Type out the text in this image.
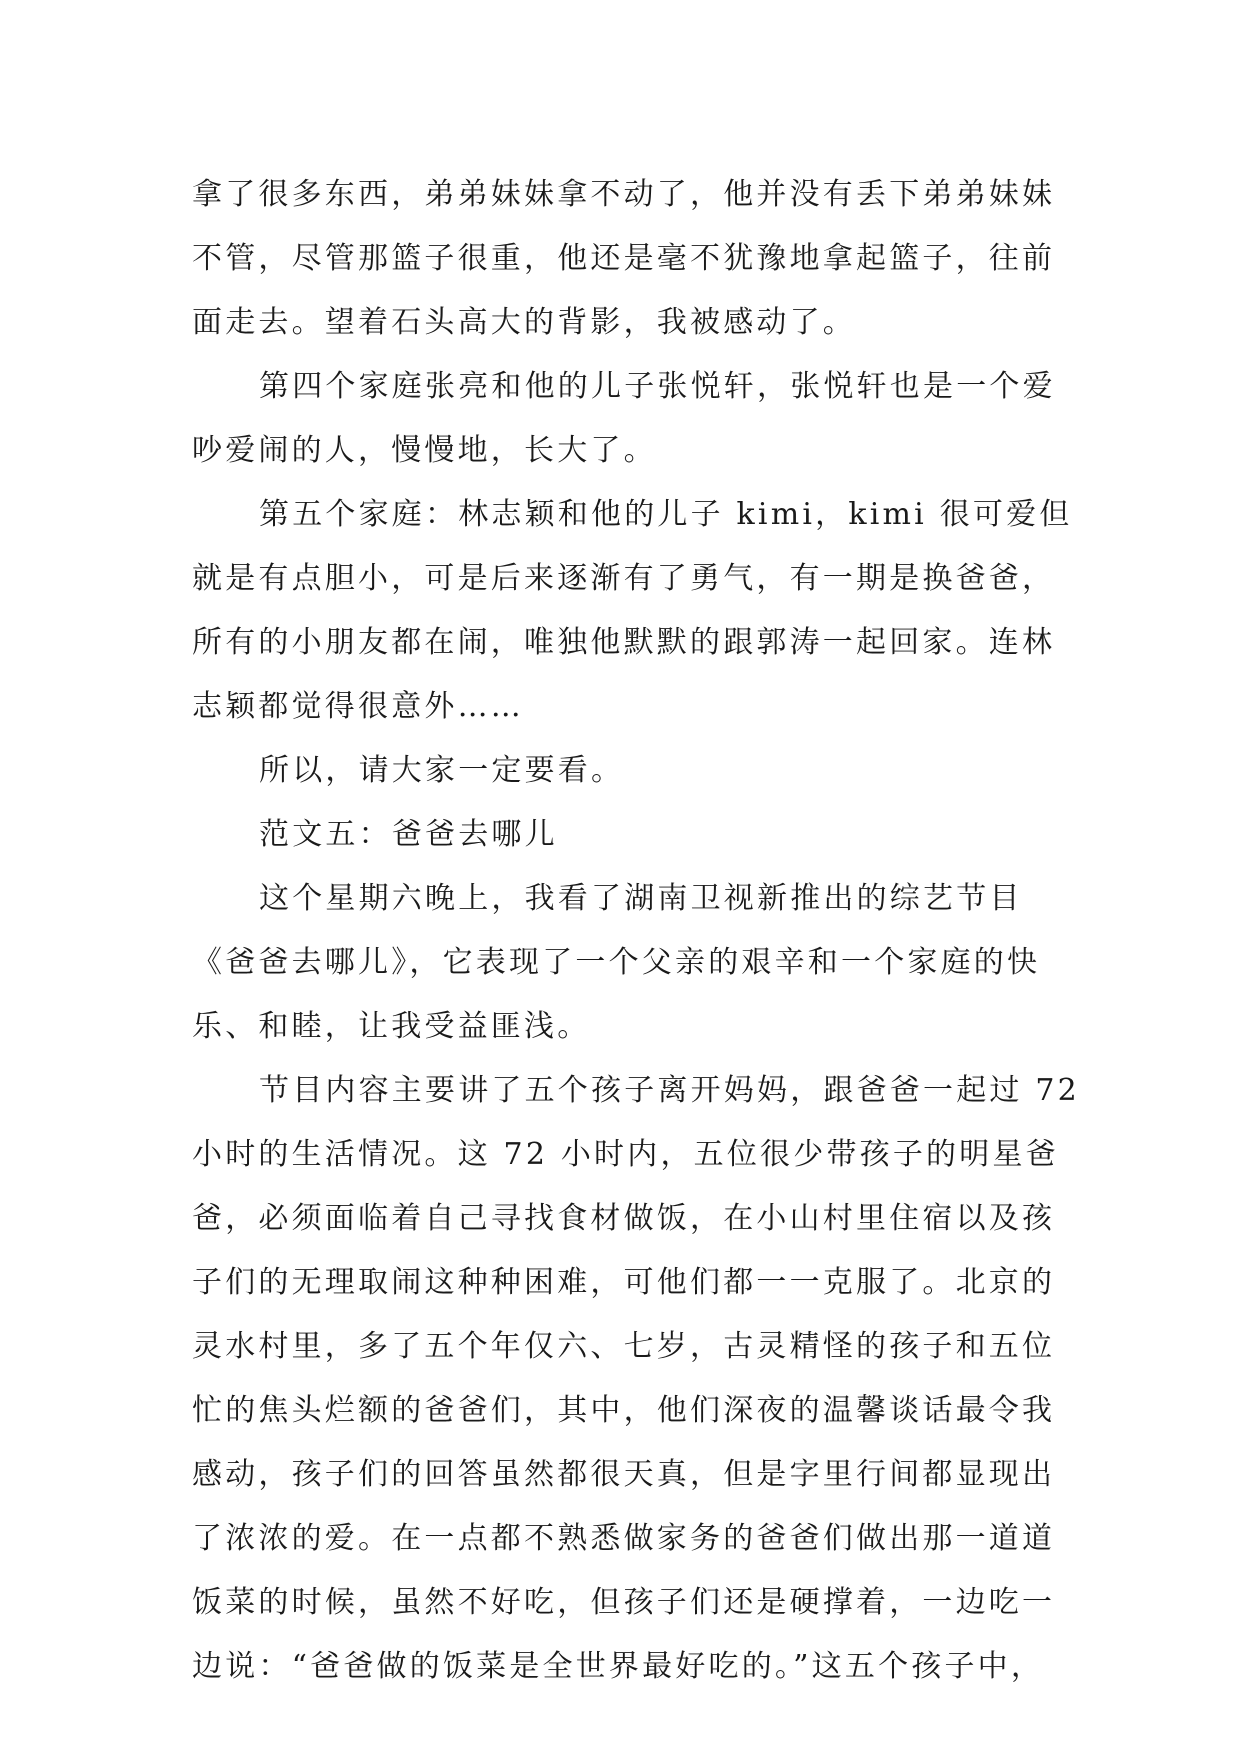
拿了很多东西，弟弟妹妹拿不动了，他并没有丢下弟弟妹妹
不管，尽管那篮子很重，他还是毫不犹豫地拿起篮子，往前
面走去。望着石头高大的背影，我被感动了。

第四个家庭张亮和他的儿子张悦轩，张悦轩也是一个爱
吵爱闹的人，慢慢地，长大了。

第五个家庭：林志颖和他的儿子 kimi，kimi 很可爱但
就是有点胆小，可是后来逐渐有了勇气，有一期是换爸爸，
所有的小朋友都在闹，唯独他默默的跟郭涛一起回家。连林
志颖都觉得很意外……

所以，请大家一定要看。

范文五：爸爸去哪儿

这个星期六晚上，我看了湖南卫视新推出的综艺节目
《爸爸去哪儿》，它表现了一个父亲的艰辛和一个家庭的快
乐、和睦，让我受益匪浅。

节目内容主要讲了五个孩子离开妈妈，跟爸爸一起过 72
小时的生活情况。这 72 小时内，五位很少带孩子的明星爸
爸，必须面临着自己寻找食材做饭，在小山村里住宿以及孩
子们的无理取闹这种种困难，可他们都一一克服了。北京的
灵水村里，多了五个年仅六、七岁，古灵精怪的孩子和五位
忙的焦头烂额的爸爸们，其中，他们深夜的温馨谈话最令我
感动，孩子们的回答虽然都很天真，但是字里行间都显现出
了浓浓的爱。在一点都不熟悉做家务的爸爸们做出那一道道
饭菜的时候，虽然不好吃，但孩子们还是硬撑着，一边吃一
边说：“爸爸做的饭菜是全世界最好吃的。”这五个孩子中，
